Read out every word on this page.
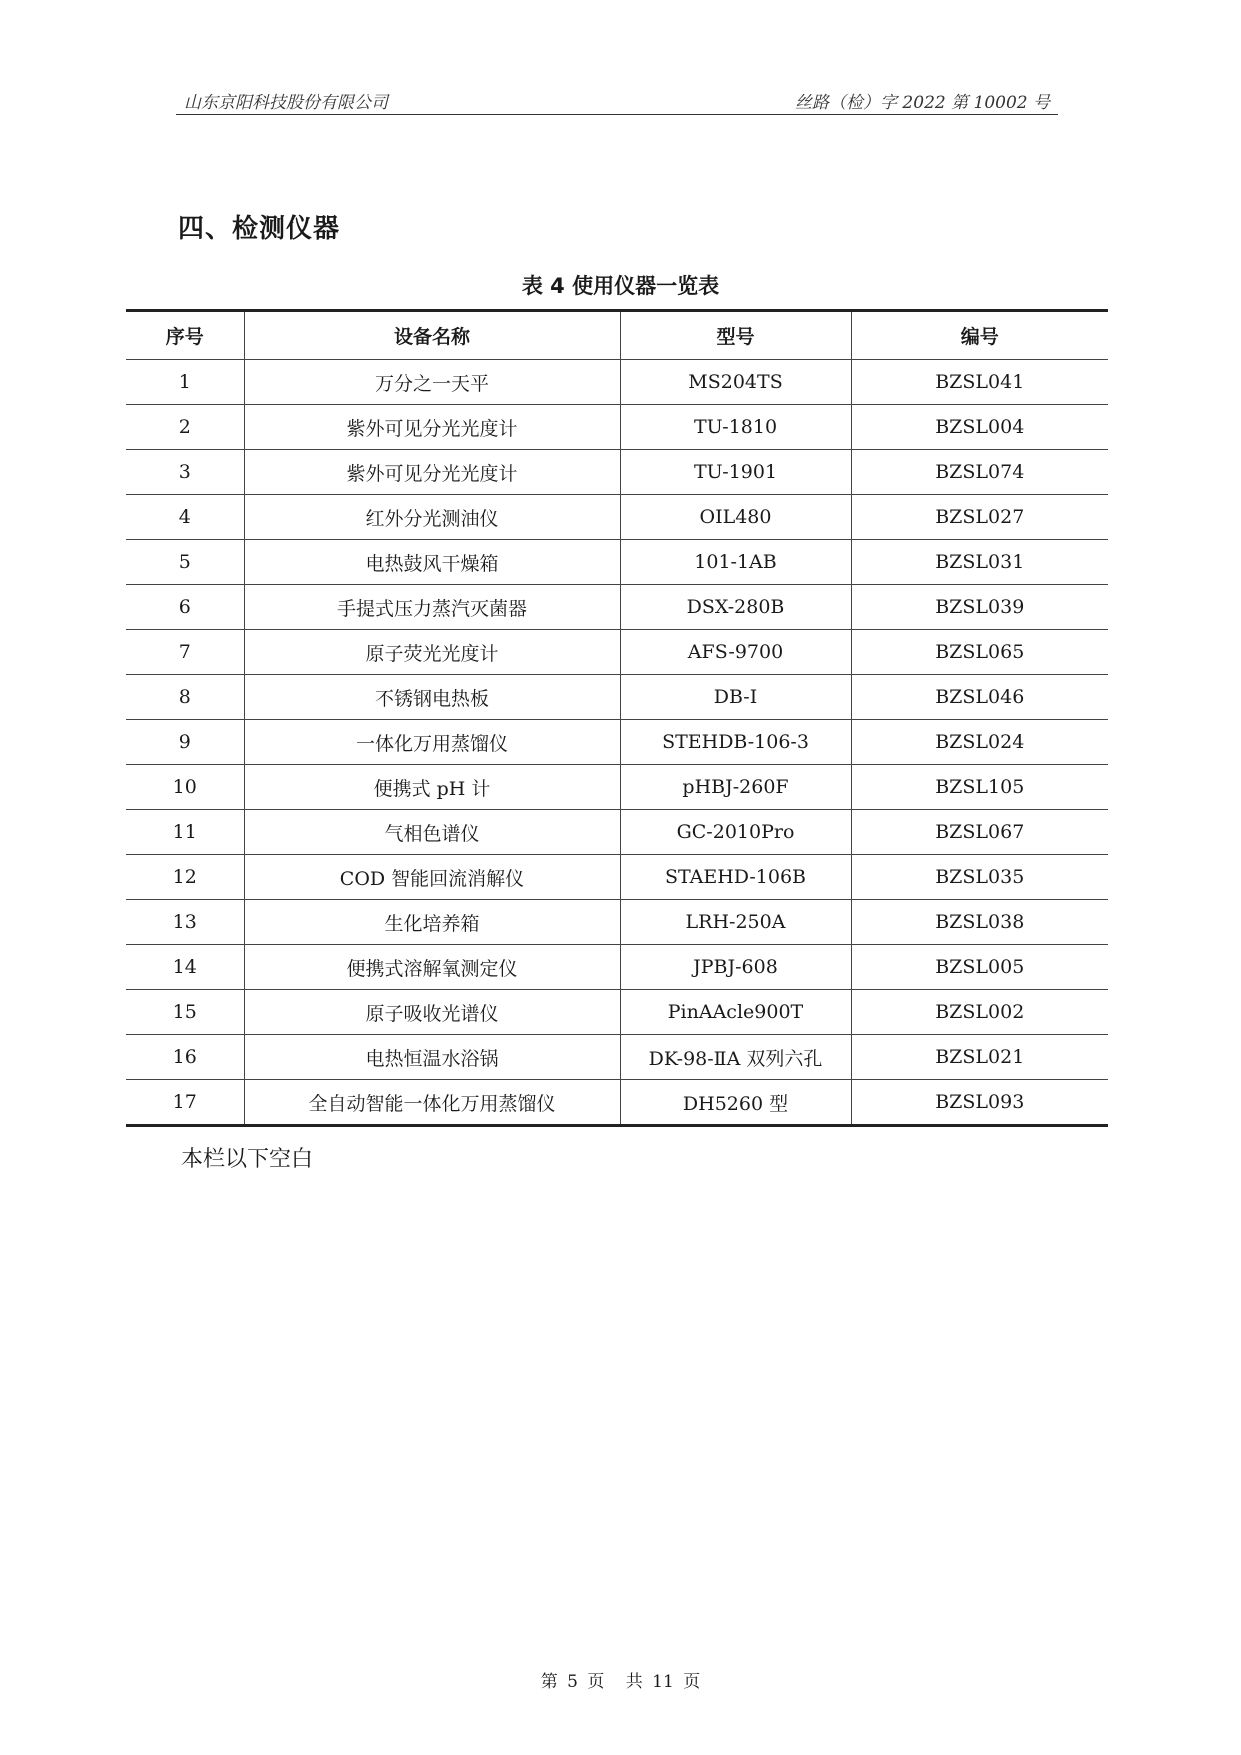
山东京阳科技股份有限公司	丝路（检）字 2022 第 10002 号
四、检测仪器
表 4 使用仪器一览表
序号	设备名称	型号	编号
1	万分之一天平	MS204TS	BZSL041
2	紫外可见分光光度计	TU-1810	BZSL004
3	紫外可见分光光度计	TU-1901	BZSL074
4	红外分光测油仪	OIL480	BZSL027
5	电热鼓风干燥箱	101-1AB	BZSL031
6	手提式压力蒸汽灭菌器	DSX-280B	BZSL039
7	原子荧光光度计	AFS-9700	BZSL065
8	不锈钢电热板	DB-I	BZSL046
9	一体化万用蒸馏仪	STEHDB-106-3	BZSL024
10	便携式 pH 计	pHBJ-260F	BZSL105
11	气相色谱仪	GC-2010Pro	BZSL067
12	COD 智能回流消解仪	STAEHD-106B	BZSL035
13	生化培养箱	LRH-250A	BZSL038
14	便携式溶解氧测定仪	JPBJ-608	BZSL005
15	原子吸收光谱仪	PinAAcle900T	BZSL002
16	电热恒温水浴锅	DK-98-ⅡA 双列六孔	BZSL021
17	全自动智能一体化万用蒸馏仪	DH5260 型	BZSL093
本栏以下空白
第 5 页 共 11 页
